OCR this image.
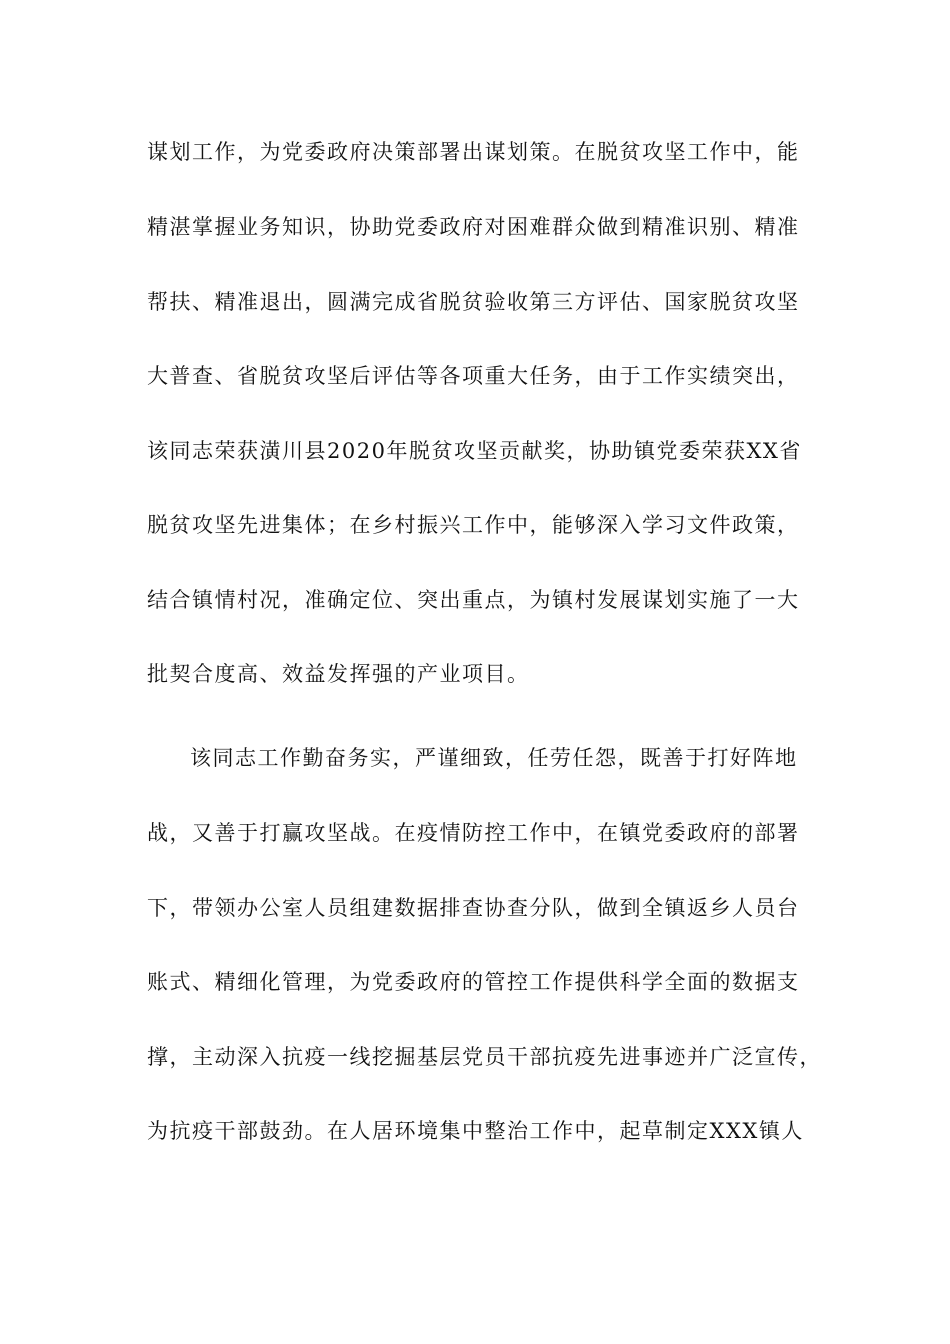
谋划工作，为党委政府决策部署出谋划策。在脱贫攻坚工作中，能
精湛掌握业务知识，协助党委政府对困难群众做到精准识别、精准
帮扶、精准退出，圆满完成省脱贫验收第三方评估、国家脱贫攻坚
大普查、省脱贫攻坚后评估等各项重大任务，由于工作实绩突出，
该同志荣获潢川县2020年脱贫攻坚贡献奖，协助镇党委荣获XX省
脱贫攻坚先进集体；在乡村振兴工作中，能够深入学习文件政策，
结合镇情村况，准确定位、突出重点，为镇村发展谋划实施了一大
批契合度高、效益发挥强的产业项目。
该同志工作勤奋务实，严谨细致，任劳任怨，既善于打好阵地
战，又善于打赢攻坚战。在疫情防控工作中，在镇党委政府的部署
下，带领办公室人员组建数据排查协查分队，做到全镇返乡人员台
账式、精细化管理，为党委政府的管控工作提供科学全面的数据支
撑，主动深入抗疫一线挖掘基层党员干部抗疫先进事迹并广泛宣传，
为抗疫干部鼓劲。在人居环境集中整治工作中，起草制定XXX镇人
